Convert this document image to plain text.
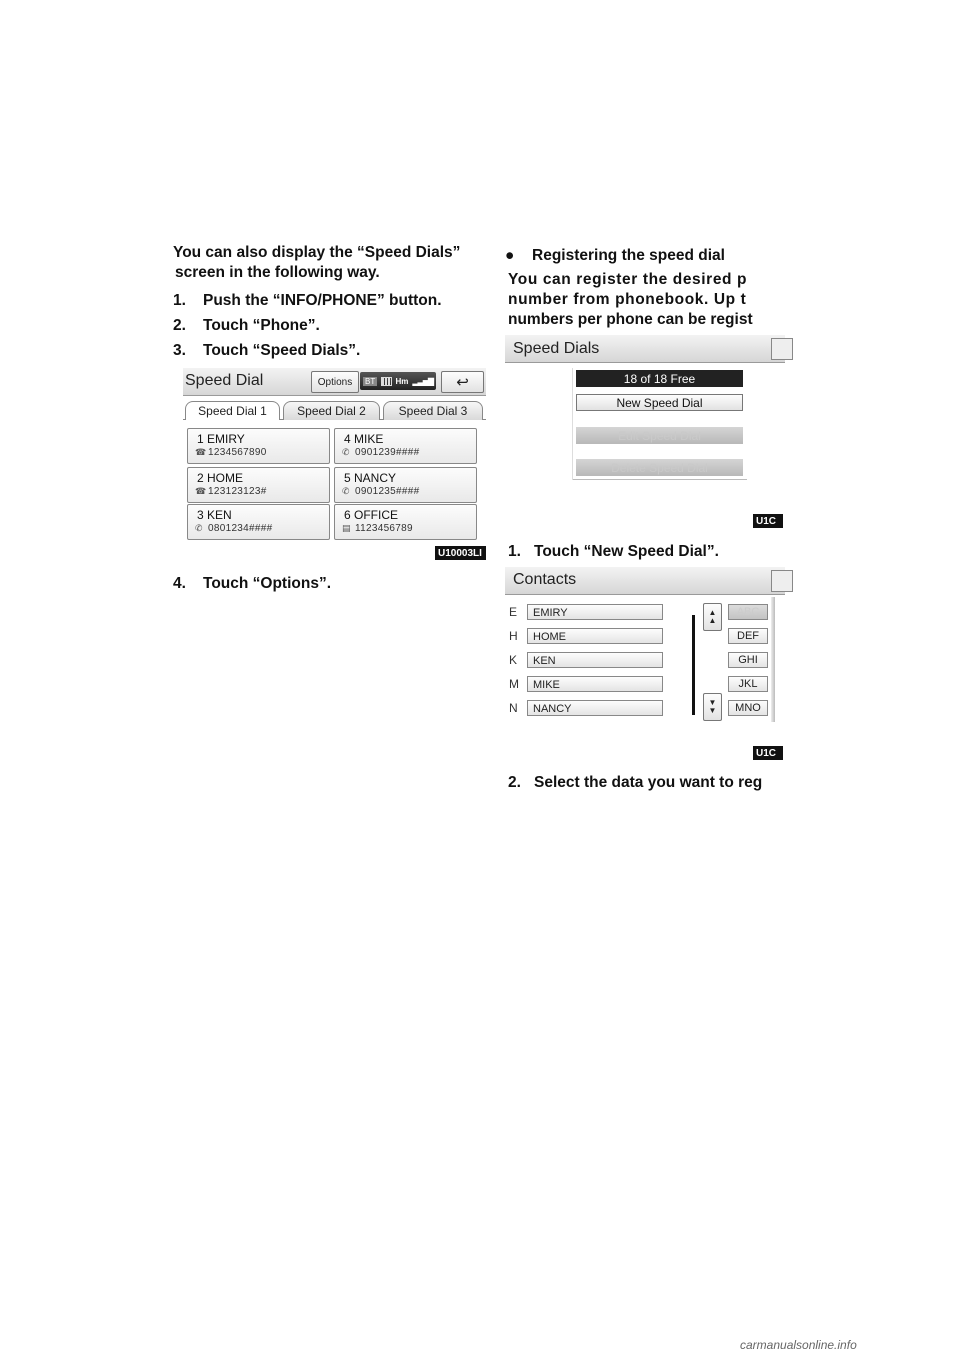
You can also display the “Speed Dials”
screen in the following way.
1. Push the “INFO/PHONE” button.
2. Touch “Phone”.
3. Touch “Speed Dials”.
Speed Dial	Options	BT	Hm ▂▃▅▇ ↩
Speed Dial 1	Speed Dial 2	Speed Dial 3
1 EMIRY
☎ 1234567890
4 MIKE
✆ 0901239####
2 HOME
☎ 123123123#
5 NANCY
✆ 0901235####
3 KEN
✆ 0801234####
6 OFFICE
▤ 1123456789
U10003LI
4. Touch “Options”.
● Registering the speed dial
You can register the desired p
number from phonebook. Up t
numbers per phone can be regist
Speed Dials
18 of 18 Free
New Speed Dial
Edit Speed Dial
Delete Speed Dial
U1C
1. Touch “New Speed Dial”.
Contacts
E	EMIRY
H	HOME
K	KEN
M	MIKE
N	NANCY
▲
▲
▼
▼
ABC
DEF
GHI
JKL
MNO
U1C
2. Select the data you want to reg
carmanualsonline.info
